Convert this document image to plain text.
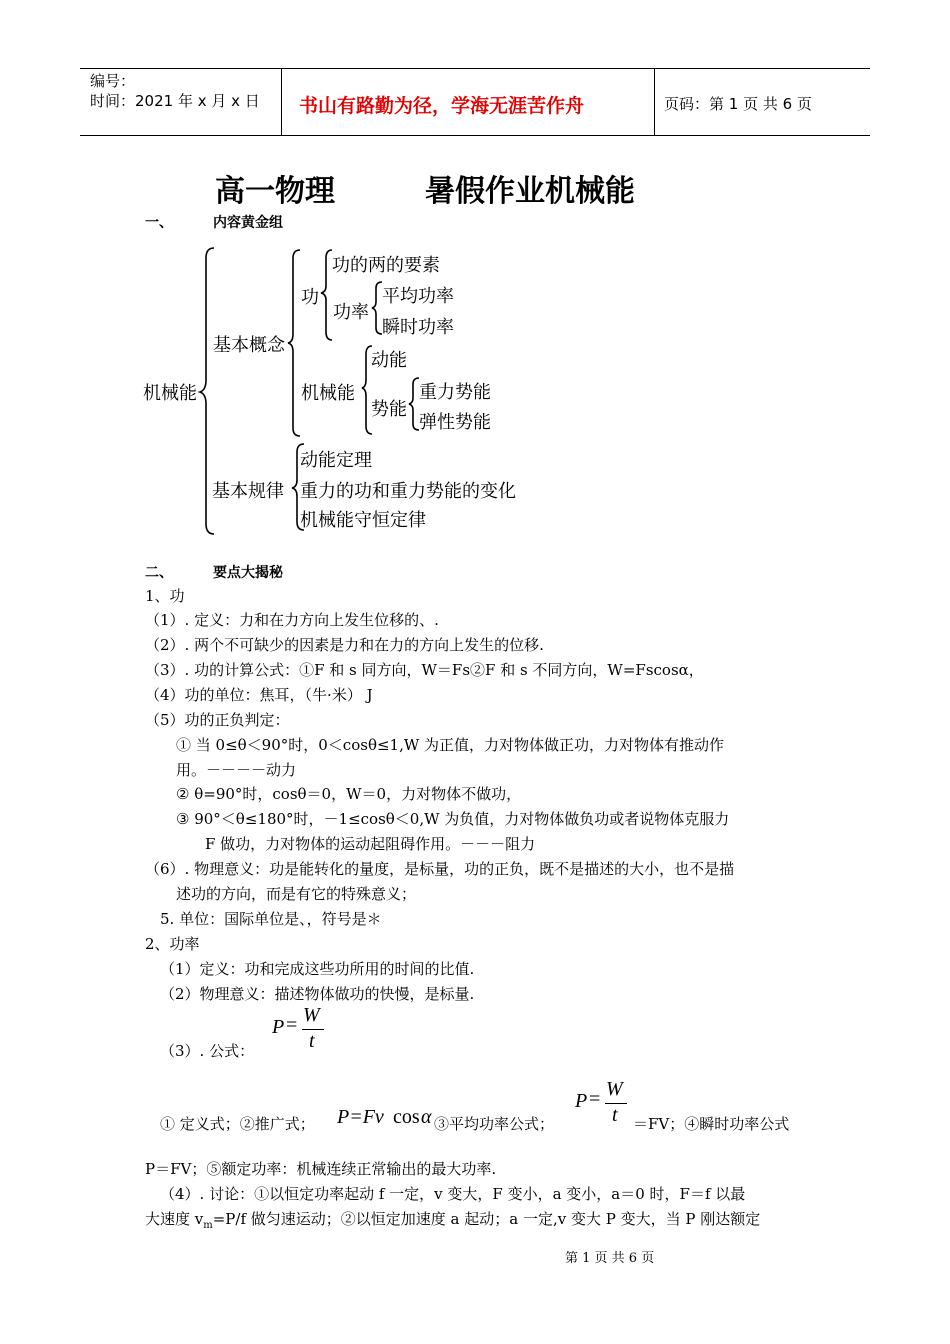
编号：
时间：2021 年 x 月 x 日 书山有路勤为径，学海无涯苦作舟	页码：第 1 页 共 6 页
高一物理	暑假作业机械能
一、	内容黄金组
机械能
基本概念
功
功的两的要素
功率
平均功率
瞬时功率
机械能
动能
势能
重力势能
弹性势能
基本规律
动能定理
重力的功和重力势能的变化
机械能守恒定律
二、	要点大揭秘
1、功
（1）. 定义：力和在力方向上发生位移的、.
（2）. 两个不可缺少的因素是力和在力的方向上发生的位移.
（3）. 功的计算公式：①F 和 s 同方向，W＝Fs②F 和 s 不同方向，W=Fscosα，
（4）功的单位：焦耳，（牛·米） J
（5）功的正负判定：
① 当 0≤θ＜90°时，0＜cosθ≤1,W 为正值，力对物体做正功，力对物体有推动作
用。－－－－动力
② θ=90°时，cosθ＝0，W＝0，力对物体不做功，
③ 90°＜θ≤180°时，－1≤cosθ＜0,W 为负值，力对物体做负功或者说物体克服力
F 做功，力对物体的运动起阻碍作用。－－－阻力
（6）. 物理意义：功是能转化的量度，是标量，功的正负，既不是描述的大小，也不是描
述功的方向，而是有它的特殊意义；
5. 单位：国际单位是、，符号是＊
2、功率
（1）定义：功和完成这些功所用的时间的比值.
（2）物理意义：描述物体做功的快慢，是标量.
（3）. 公式：
P = W
t
① 定义式；②推广式； P=Fv cos α ③平均功率公式；
P = W
t ＝FV；④瞬时功率公式
P＝FV；⑤额定功率：机械连续正常输出的最大功率.
（4）. 讨论：①以恒定功率起动 f 一定，v 变大，F 变小，a 变小，a＝0 时，F＝f 以最
大速度 $v_m=P/f$ 做匀速运动；②以恒定加速度 a 起动；a 一定,v 变大 P 变大，当 P 刚达额定
第 1 页 共 6 页
